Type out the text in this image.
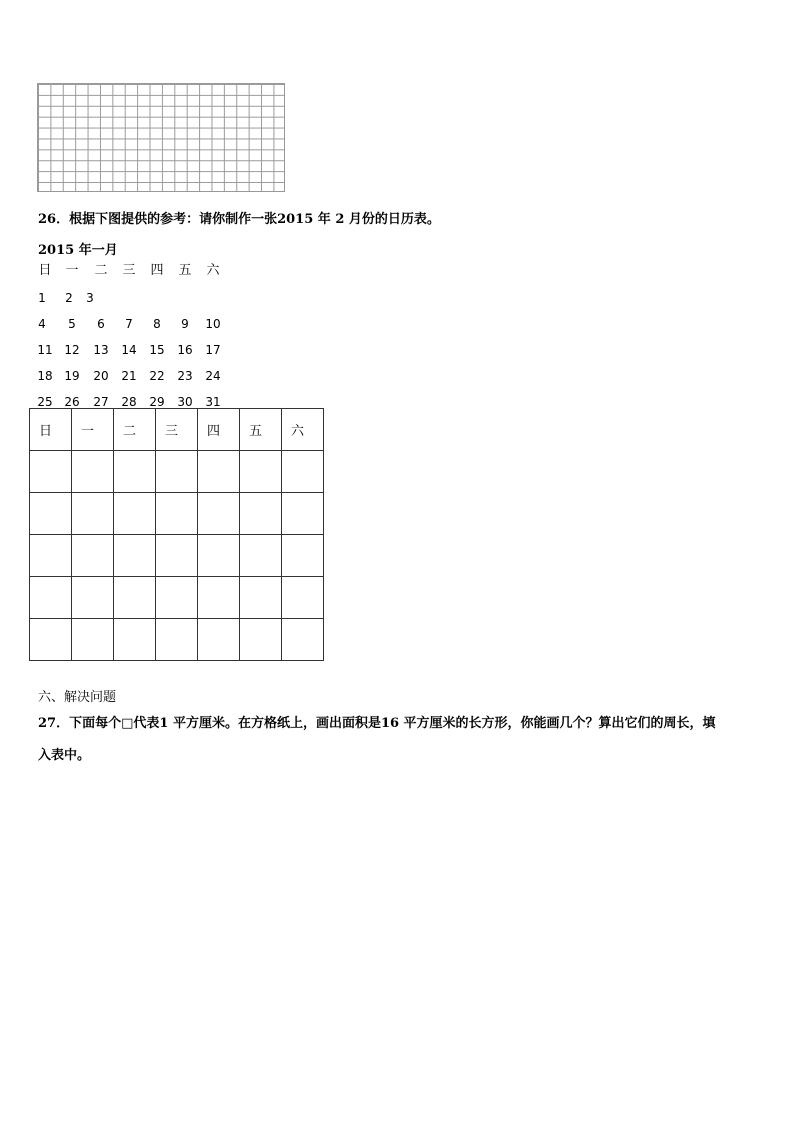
26．根据下图提供的参考：请你制作一张2015 年 2 月份的日历表。
2015 年一月
日	一	二	三	四	五	六
1	2	3
4	5	6	7	8	9	10
11 12	13	14	15	16	17
18 19	20	21	22	23	24
25 26	27	28	29	30	31
日	一	二	三	四	五	六

六、解决问题
27．下面每个□代表1 平方厘米。在方格纸上，画出面积是16 平方厘米的长方形，你能画几个？算出它们的周长，填
入表中。
